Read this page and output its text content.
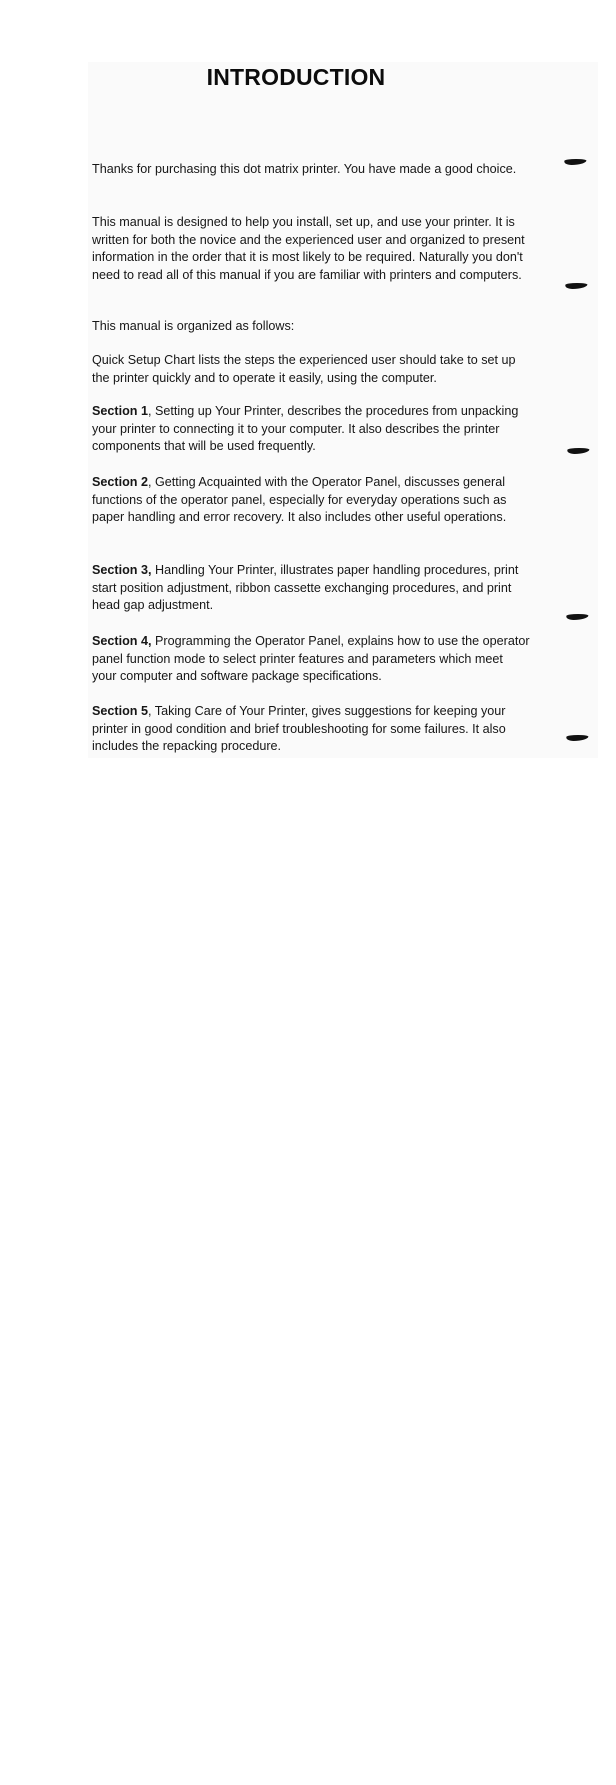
INTRODUCTION

Thanks for purchasing this dot matrix printer. You have made a good choice.

This manual is designed to help you install, set up, and use your printer. It is written for both the novice and the experienced user and organized to present information in the order that it is most likely to be required. Naturally you don't need to read all of this manual if you are familiar with printers and computers.

This manual is organized as follows:

Quick Setup Chart lists the steps the experienced user should take to set up the printer quickly and to operate it easily, using the computer.

Section 1, Setting up Your Printer, describes the procedures from unpacking your printer to connecting it to your computer. It also describes the printer components that will be used frequently.

Section 2, Getting Acquainted with the Operator Panel, discusses general functions of the operator panel, especially for everyday operations such as paper handling and error recovery. It also includes other useful operations.

Section 3, Handling Your Printer, illustrates paper handling procedures, print start position adjustment, ribbon cassette exchanging procedures, and print head gap adjustment.

Section 4, Programming the Operator Panel, explains how to use the operator panel function mode to select printer features and parameters which meet your computer and software package specifications.

Section 5, Taking Care of Your Printer, gives suggestions for keeping your printer in good condition and brief troubleshooting for some failures. It also includes the repacking procedure.
